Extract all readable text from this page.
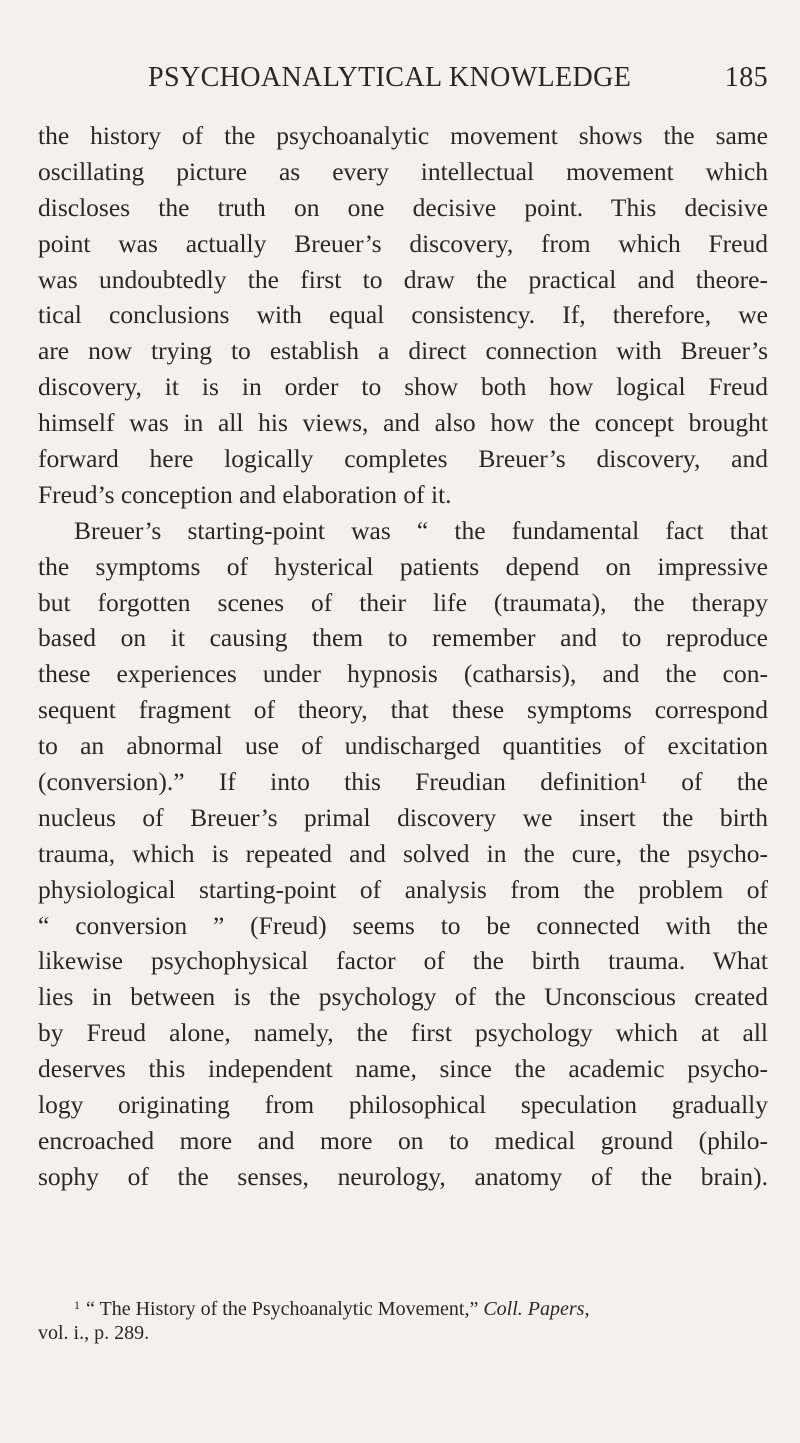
PSYCHOANALYTICAL KNOWLEDGE	185
the history of the psychoanalytic movement shows the same
oscillating picture as every intellectual movement which
discloses the truth on one decisive point. This decisive
point was actually Breuer’s discovery, from which Freud
was undoubtedly the first to draw the practical and theore-
tical conclusions with equal consistency. If, therefore, we
are now trying to establish a direct connection with Breuer’s
discovery, it is in order to show both how logical Freud
himself was in all his views, and also how the concept brought
forward here logically completes Breuer’s discovery, and
Freud’s conception and elaboration of it.
Breuer’s starting-point was “ the fundamental fact that
the symptoms of hysterical patients depend on impressive
but forgotten scenes of their life (traumata), the therapy
based on it causing them to remember and to reproduce
these experiences under hypnosis (catharsis), and the con-
sequent fragment of theory, that these symptoms correspond
to an abnormal use of undischarged quantities of excitation
(conversion).” If into this Freudian definition¹ of the
nucleus of Breuer’s primal discovery we insert the birth
trauma, which is repeated and solved in the cure, the psycho-
physiological starting-point of analysis from the problem of
“ conversion ” (Freud) seems to be connected with the
likewise psychophysical factor of the birth trauma. What
lies in between is the psychology of the Unconscious created
by Freud alone, namely, the first psychology which at all
deserves this independent name, since the academic psycho-
logy originating from philosophical speculation gradually
encroached more and more on to medical ground (philo-
sophy of the senses, neurology, anatomy of the brain).
$^1$ “ The History of the Psychoanalytic Movement,” Coll. Papers,
vol. i., p. 289.
